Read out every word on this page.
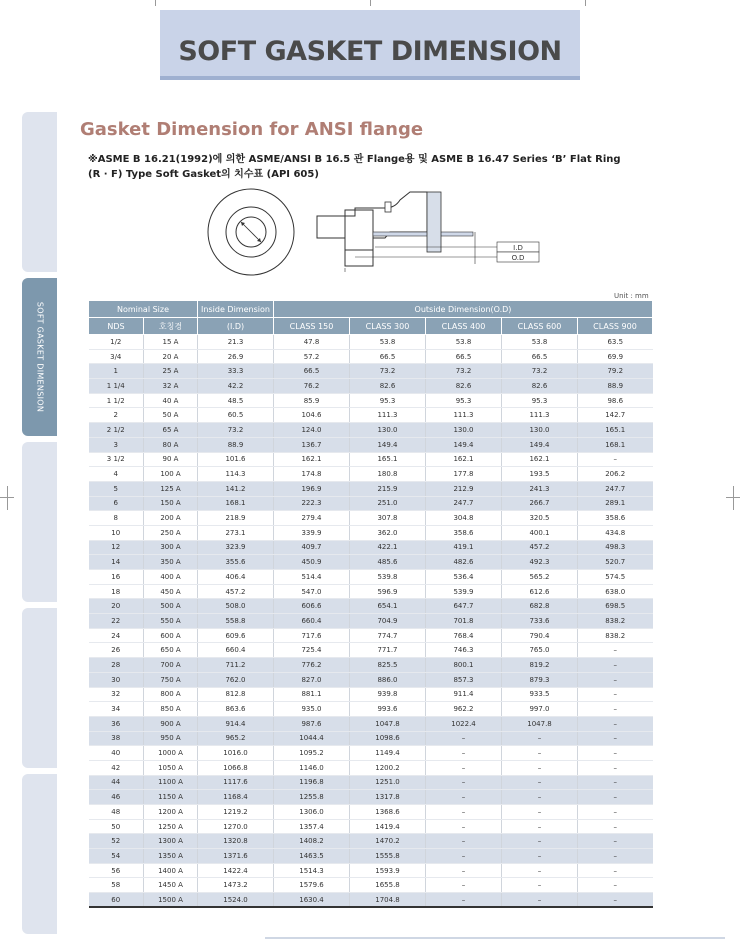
SOFT GASKET DIMENSION
SOFT GASKET DIMENSION
Gasket Dimension for ANSI flange
※ASME B 16.21(1992)에 의한 ASME/ANSI B 16.5 관 Flange용 및 ASME B 16.47 Series ‘B’ Flat Ring
(R · F) Type Soft Gasket의 치수표 (API 605)
I.D
O.D
Unit : mm
Nominal Size		Inside Dimension	Outside Dimension(O.D)				
NDS	호칭경	(I.D)	CLASS 150	CLASS 300	CLASS 400	CLASS 600	CLASS 900
1/2	15 A	21.3	47.8	53.8	53.8	53.8	63.5
3/4	20 A	26.9	57.2	66.5	66.5	66.5	69.9
1	25 A	33.3	66.5	73.2	73.2	73.2	79.2
1 1/4	32 A	42.2	76.2	82.6	82.6	82.6	88.9
1 1/2	40 A	48.5	85.9	95.3	95.3	95.3	98.6
2	50 A	60.5	104.6	111.3	111.3	111.3	142.7
2 1/2	65 A	73.2	124.0	130.0	130.0	130.0	165.1
3	80 A	88.9	136.7	149.4	149.4	149.4	168.1
3 1/2	90 A	101.6	162.1	165.1	162.1	162.1	–
4	100 A	114.3	174.8	180.8	177.8	193.5	206.2
5	125 A	141.2	196.9	215.9	212.9	241.3	247.7
6	150 A	168.1	222.3	251.0	247.7	266.7	289.1
8	200 A	218.9	279.4	307.8	304.8	320.5	358.6
10	250 A	273.1	339.9	362.0	358.6	400.1	434.8
12	300 A	323.9	409.7	422.1	419.1	457.2	498.3
14	350 A	355.6	450.9	485.6	482.6	492.3	520.7
16	400 A	406.4	514.4	539.8	536.4	565.2	574.5
18	450 A	457.2	547.0	596.9	539.9	612.6	638.0
20	500 A	508.0	606.6	654.1	647.7	682.8	698.5
22	550 A	558.8	660.4	704.9	701.8	733.6	838.2
24	600 A	609.6	717.6	774.7	768.4	790.4	838.2
26	650 A	660.4	725.4	771.7	746.3	765.0	–
28	700 A	711.2	776.2	825.5	800.1	819.2	–
30	750 A	762.0	827.0	886.0	857.3	879.3	–
32	800 A	812.8	881.1	939.8	911.4	933.5	–
34	850 A	863.6	935.0	993.6	962.2	997.0	–
36	900 A	914.4	987.6	1047.8	1022.4	1047.8	–
38	950 A	965.2	1044.4	1098.6	–	–	–
40	1000 A	1016.0	1095.2	1149.4	–	–	–
42	1050 A	1066.8	1146.0	1200.2	–	–	–
44	1100 A	1117.6	1196.8	1251.0	–	–	–
46	1150 A	1168.4	1255.8	1317.8	–	–	–
48	1200 A	1219.2	1306.0	1368.6	–	–	–
50	1250 A	1270.0	1357.4	1419.4	–	–	–
52	1300 A	1320.8	1408.2	1470.2	–	–	–
54	1350 A	1371.6	1463.5	1555.8	–	–	–
56	1400 A	1422.4	1514.3	1593.9	–	–	–
58	1450 A	1473.2	1579.6	1655.8	–	–	–
60	1500 A	1524.0	1630.4	1704.8	–	–	–
